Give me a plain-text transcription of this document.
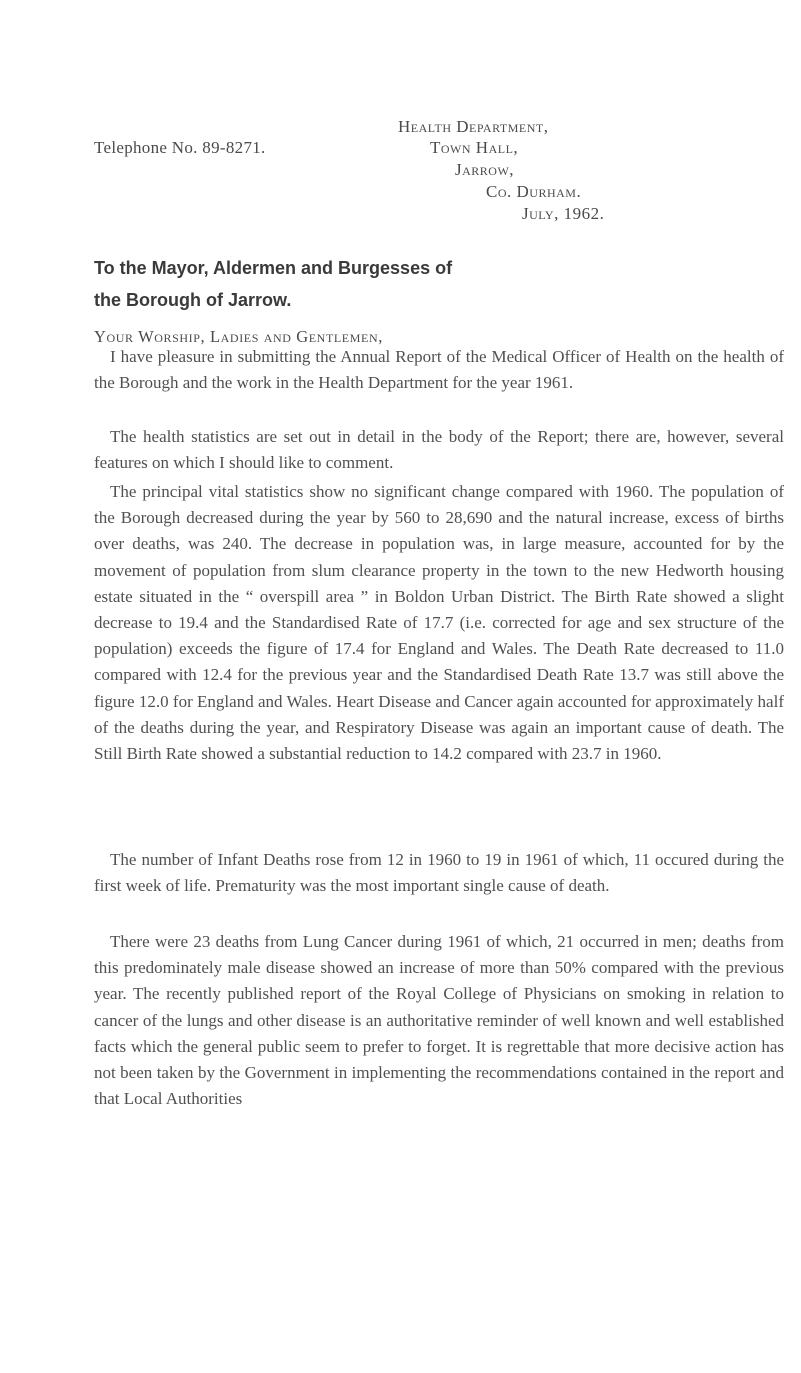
Telephone No. 89-8271.
Health Department,
Town Hall,
Jarrow,
Co. Durham.
July, 1962.
To the Mayor, Aldermen and Burgesses of
the Borough of Jarrow.
Your Worship, Ladies and Gentlemen,

I have pleasure in submitting the Annual Report of the Medical Officer of Health on the health of the Borough and the work in the Health Department for the year 1961.

The health statistics are set out in detail in the body of the Report; there are, however, several features on which I should like to comment.

The principal vital statistics show no significant change compared with 1960. The population of the Borough decreased during the year by 560 to 28,690 and the natural increase, excess of births over deaths, was 240. The decrease in population was, in large measure, accounted for by the movement of population from slum clearance property in the town to the new Hedworth housing estate situated in the “ overspill area ” in Boldon Urban District. The Birth Rate showed a slight decrease to 19.4 and the Standardised Rate of 17.7 (i.e. corrected for age and sex structure of the population) exceeds the figure of 17.4 for England and Wales. The Death Rate decreased to 11.0 compared with 12.4 for the previous year and the Standardised Death Rate 13.7 was still above the figure 12.0 for England and Wales. Heart Disease and Cancer again accounted for approximately half of the deaths during the year, and Respiratory Disease was again an important cause of death. The Still Birth Rate showed a substantial reduction to 14.2 compared with 23.7 in 1960.

The number of Infant Deaths rose from 12 in 1960 to 19 in 1961 of which, 11 occured during the first week of life. Prematurity was the most important single cause of death.

There were 23 deaths from Lung Cancer during 1961 of which, 21 occurred in men; deaths from this predominately male disease showed an increase of more than 50% compared with the previous year. The recently published report of the Royal College of Physicians on smoking in relation to cancer of the lungs and other disease is an authoritative reminder of well known and well established facts which the general public seem to prefer to forget. It is regrettable that more decisive action has not been taken by the Government in implementing the recommendations contained in the report and that Local Authorities
